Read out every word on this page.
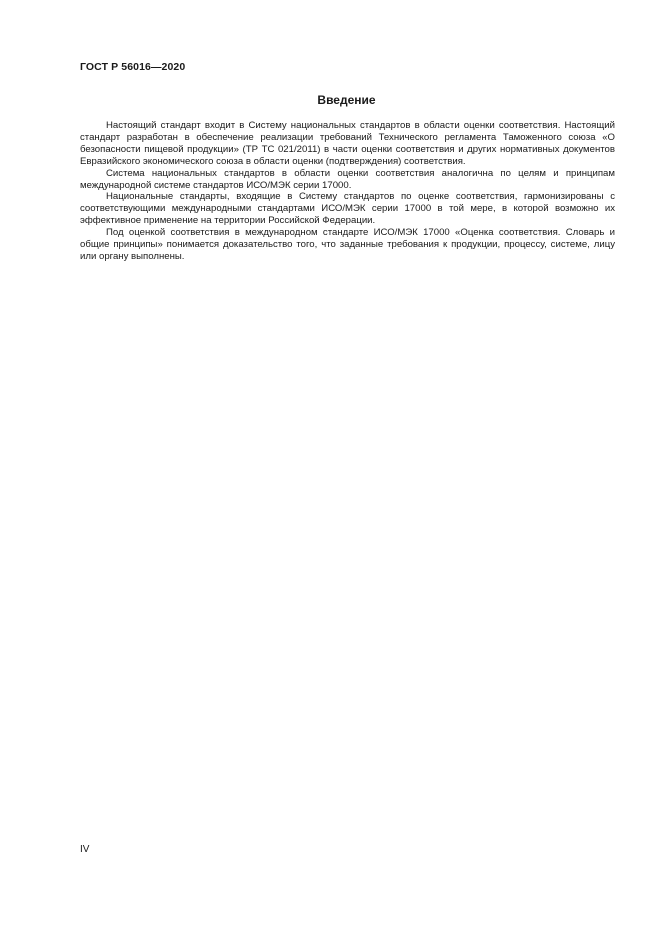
ГОСТ Р 56016—2020
Введение

Настоящий стандарт входит в Систему национальных стандартов в области оценки соответствия. Настоящий стандарт разработан в обеспечение реализации требований Технического регламента Таможенного союза «О безопасности пищевой продукции» (ТР ТС 021/2011) в части оценки соответствия и других нормативных документов Евразийского экономического союза в области оценки (подтверждения) соответствия.

Система национальных стандартов в области оценки соответствия аналогична по целям и принципам международной системе стандартов ИСО/МЭК серии 17000.

Национальные стандарты, входящие в Систему стандартов по оценке соответствия, гармонизированы с соответствующими международными стандартами ИСО/МЭК серии 17000 в той мере, в которой возможно их эффективное применение на территории Российской Федерации.

Под оценкой соответствия в международном стандарте ИСО/МЭК 17000 «Оценка соответствия. Словарь и общие принципы» понимается доказательство того, что заданные требования к продукции, процессу, системе, лицу или органу выполнены.

IV
